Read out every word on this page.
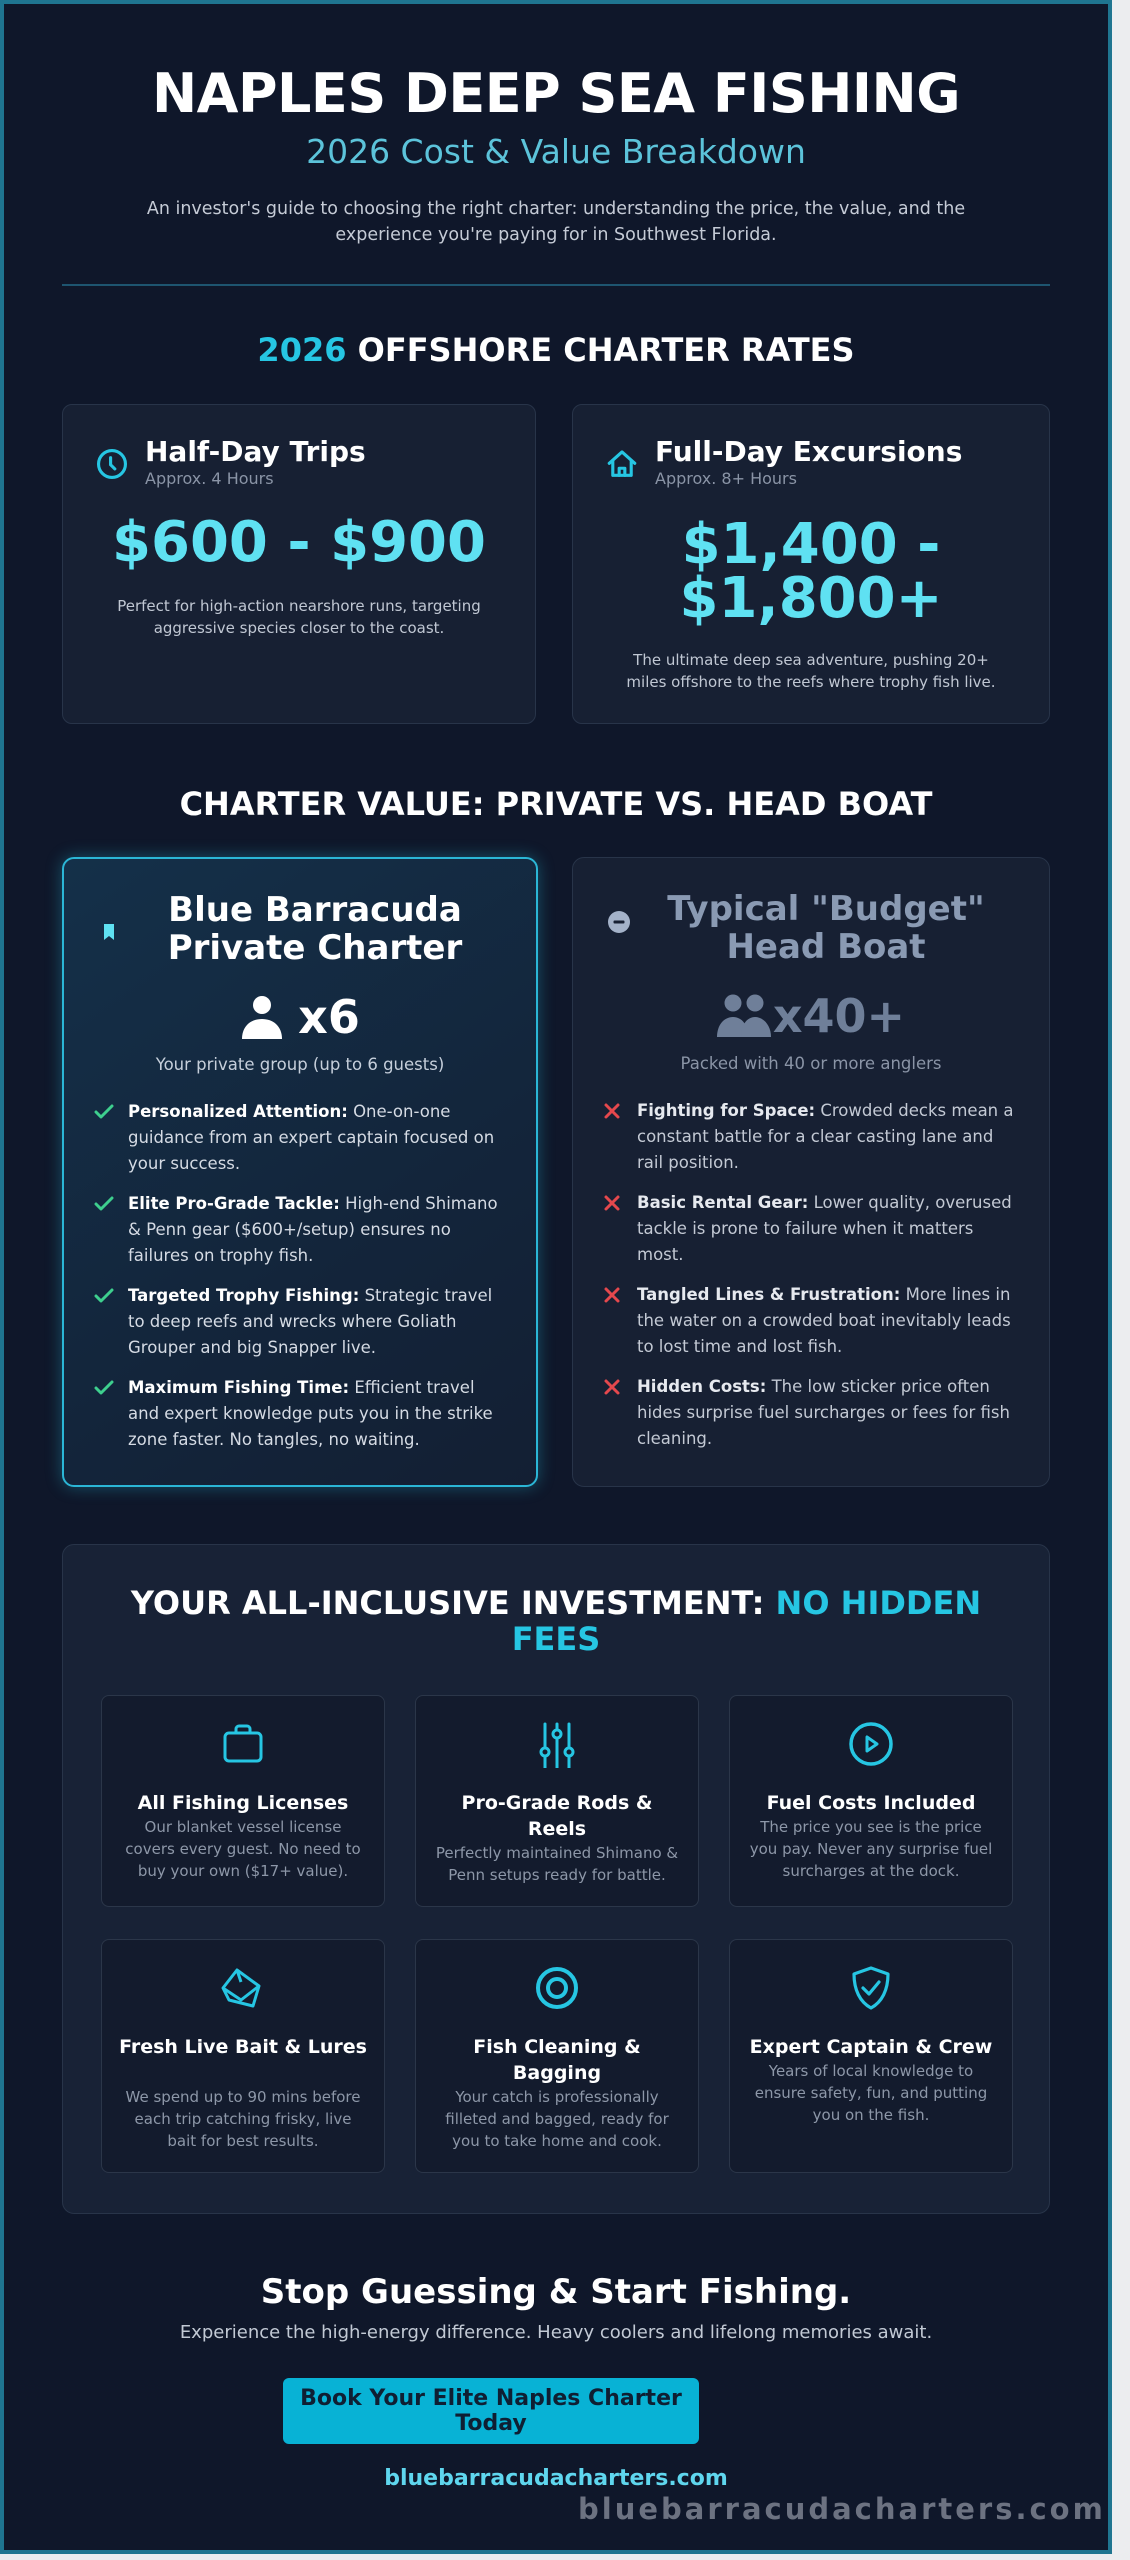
NAPLES DEEP SEA FISHING
2026 Cost & Value Breakdown

An investor's guide to choosing the right charter: understanding the price, the value, and the experience you're paying for in Southwest Florida.

2026 OFFSHORE CHARTER RATES
Half-Day Trips
Approx. 4 Hours
$600 - $900

Perfect for high-action nearshore runs, targeting aggressive species closer to the coast.

Full-Day Excursions
Approx. 8+ Hours
$1,400 -
$1,800+

The ultimate deep sea adventure, pushing 20+ miles offshore to the reefs where trophy fish live.

CHARTER VALUE: PRIVATE VS. HEAD BOAT
Blue Barracuda
Private Charter
x6
Your private group (up to 6 guests)
Personalized Attention: One-on-one guidance from an expert captain focused on your success.
Elite Pro-Grade Tackle: High-end Shimano & Penn gear ($600+/setup) ensures no failures on trophy fish.
Targeted Trophy Fishing: Strategic travel to deep reefs and wrecks where Goliath Grouper and big Snapper live.
Maximum Fishing Time: Efficient travel and expert knowledge puts you in the strike zone faster. No tangles, no waiting.
Typical "Budget"
Head Boat
x40+
Packed with 40 or more anglers
Fighting for Space: Crowded decks mean a constant battle for a clear casting lane and rail position.
Basic Rental Gear: Lower quality, overused tackle is prone to failure when it matters most.
Tangled Lines & Frustration: More lines in the water on a crowded boat inevitably leads to lost time and lost fish.
Hidden Costs: The low sticker price often hides surprise fuel surcharges or fees for fish cleaning.
YOUR ALL-INCLUSIVE INVESTMENT: NO HIDDEN FEES
All Fishing Licenses
Our blanket vessel license covers every guest. No need to buy your own ($17+ value).
Pro-Grade Rods & Reels
Perfectly maintained Shimano & Penn setups ready for battle.
Fuel Costs Included
The price you see is the price you pay. Never any surprise fuel surcharges at the dock.
Fresh Live Bait & Lures
We spend up to 90 mins before each trip catching frisky, live bait for best results.
Fish Cleaning & Bagging
Your catch is professionally filleted and bagged, ready for you to take home and cook.
Expert Captain & Crew
Years of local knowledge to ensure safety, fun, and putting you on the fish.
Stop Guessing & Start Fishing.

Experience the high-energy difference. Heavy coolers and lifelong memories await.

Book Your Elite Naples Charter Today
bluebarracudacharters.com
bluebarracudacharters.com
